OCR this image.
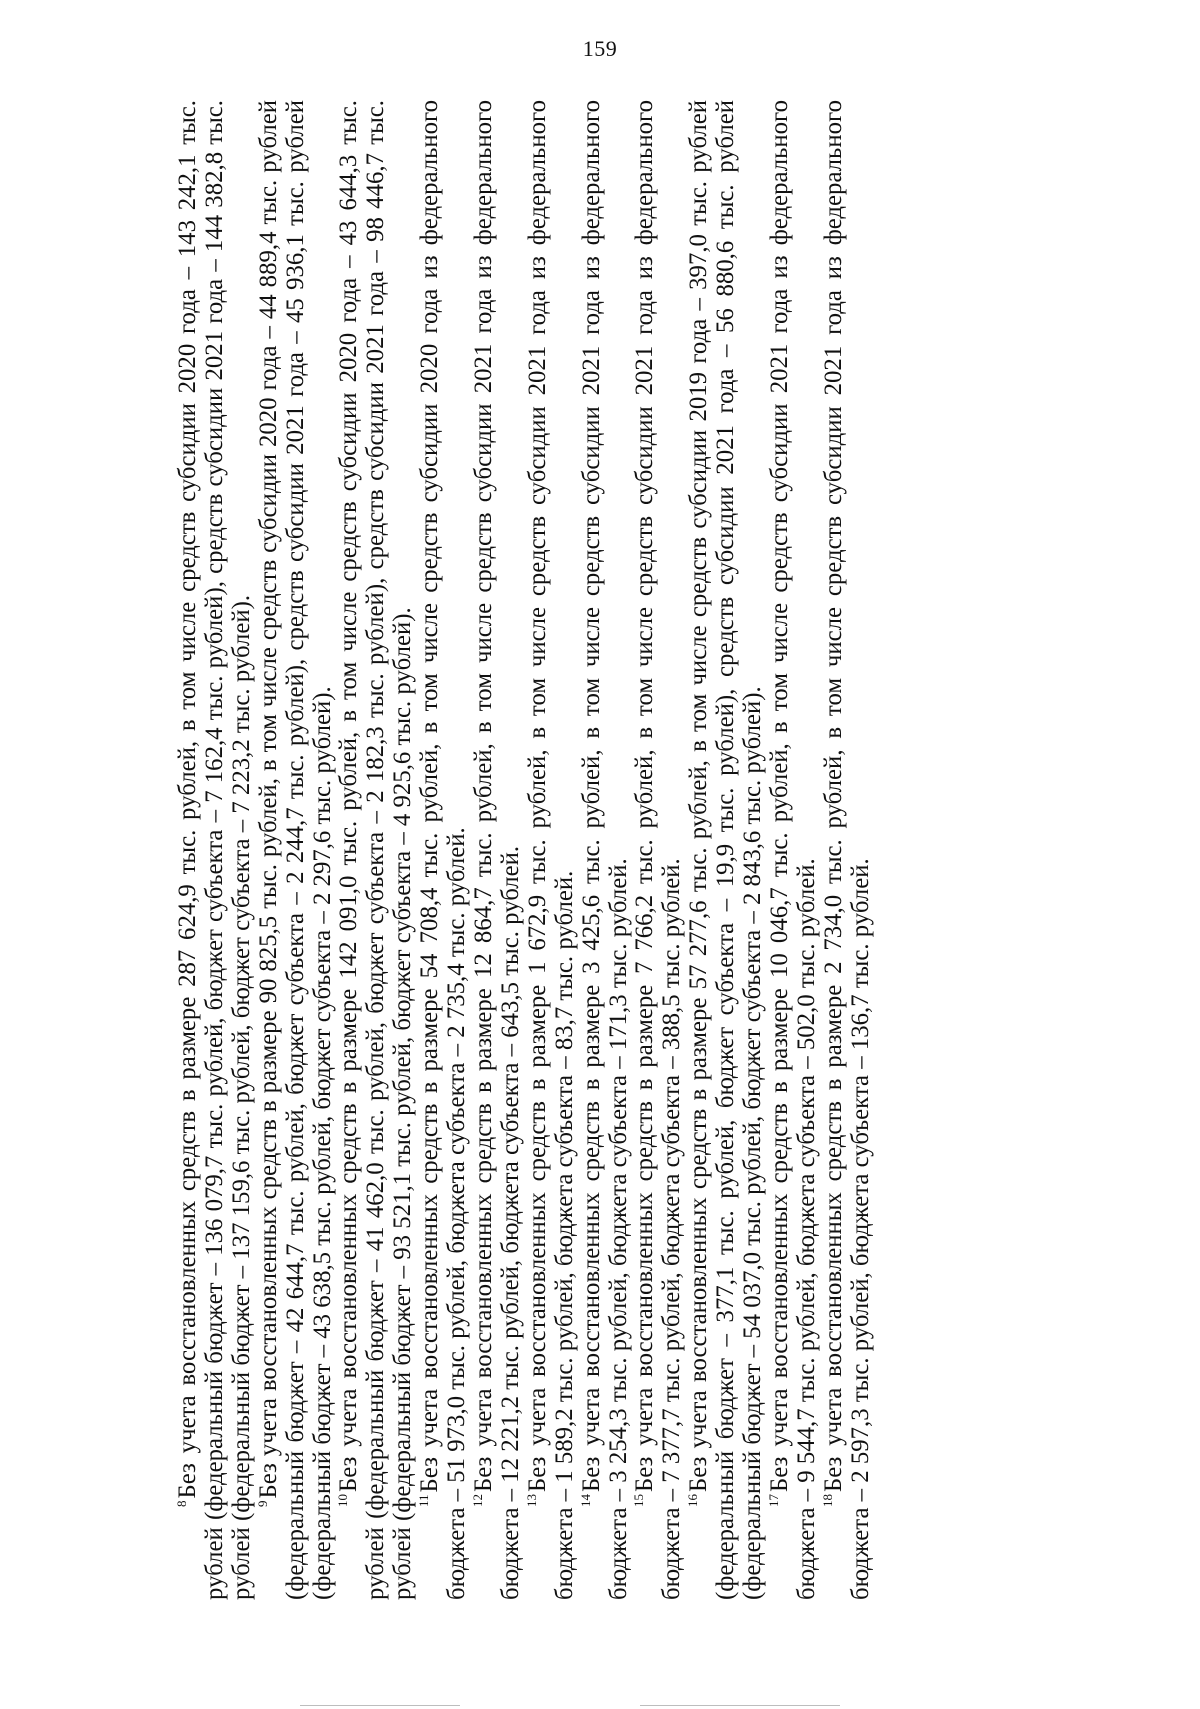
159

$^8$Без учета восстановленных средств в размере 287 624,9 тыс. рублей, в том числе средств субсидии 2020 года – 143 242,1 тыс. рублей (федеральный бюджет – 136 079,7 тыс. рублей, бюджет субъекта – 7 162,4 тыс. рублей), средств субсидии 2021 года – 144 382,8 тыс. рублей (федеральный бюджет – 137 159,6 тыс. рублей, бюджет субъекта – 7 223,2 тыс. рублей). $^9$Без учета восстановленных средств в размере 90 825,5 тыс. рублей, в том числе средств субсидии 2020 года – 44 889,4 тыс. рублей (федеральный бюджет – 42 644,7 тыс. рублей, бюджет субъекта – 2 244,7 тыс. рублей), средств субсидии 2021 года – 45 936,1 тыс. рублей (федеральный бюджет – 43 638,5 тыс. рублей, бюджет субъекта – 2 297,6 тыс. рублей). $^{10}$Без учета восстановленных средств в размере 142 091,0 тыс. рублей, в том числе средств субсидии 2020 года – 43 644,3 тыс. рублей (федеральный бюджет – 41 462,0 тыс. рублей, бюджет субъекта – 2 182,3 тыс. рублей), средств субсидии 2021 года – 98 446,7 тыс. рублей (федеральный бюджет – 93 521,1 тыс. рублей, бюджет субъекта – 4 925,6 тыс. рублей). $^{11}$Без учета восстановленных средств в размере 54 708,4 тыс. рублей, в том числе средств субсидии 2020 года из федерального бюджета – 51 973,0 тыс. рублей, бюджета субъекта – 2 735,4 тыс. рублей. $^{12}$Без учета восстановленных средств в размере 12 864,7 тыс. рублей, в том числе средств субсидии 2021 года из федерального бюджета – 12 221,2 тыс. рублей, бюджета субъекта – 643,5 тыс. рублей. $^{13}$Без учета восстановленных средств в размере 1 672,9 тыс. рублей, в том числе средств субсидии 2021 года из федерального бюджета – 1 589,2 тыс. рублей, бюджета субъекта – 83,7 тыс. рублей. $^{14}$Без учета восстановленных средств в размере 3 425,6 тыс. рублей, в том числе средств субсидии 2021 года из федерального бюджета – 3 254,3 тыс. рублей, бюджета субъекта – 171,3 тыс. рублей. $^{15}$Без учета восстановленных средств в размере 7 766,2 тыс. рублей, в том числе средств субсидии 2021 года из федерального бюджета – 7 377,7 тыс. рублей, бюджета субъекта – 388,5 тыс. рублей. $^{16}$Без учета восстановленных средств в размере 57 277,6 тыс. рублей, в том числе средств субсидии 2019 года – 397,0 тыс. рублей (федеральный бюджет – 377,1 тыс. рублей, бюджет субъекта – 19,9 тыс. рублей), средств субсидии 2021 года – 56 880,6 тыс. рублей (федеральный бюджет – 54 037,0 тыс. рублей, бюджет субъекта – 2 843,6 тыс. рублей). $^{17}$Без учета восстановленных средств в размере 10 046,7 тыс. рублей, в том числе средств субсидии 2021 года из федерального бюджета – 9 544,7 тыс. рублей, бюджета субъекта – 502,0 тыс. рублей. $^{18}$Без учета восстановленных средств в размере 2 734,0 тыс. рублей, в том числе средств субсидии 2021 года из федерального бюджета – 2 597,3 тыс. рублей, бюджета субъекта – 136,7 тыс. рублей.
